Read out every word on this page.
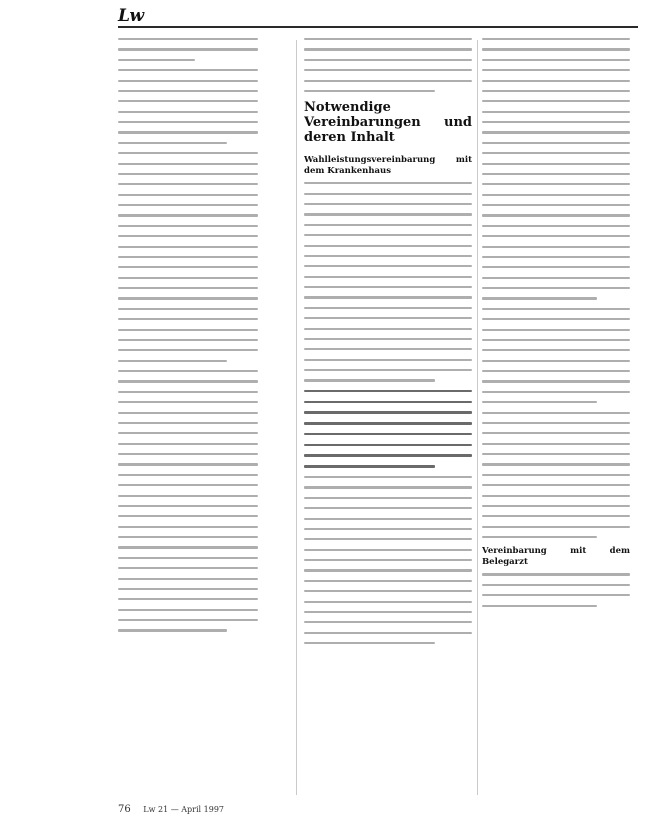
Lw
Notwendige Vereinbarungen und deren Inhalt
Wahlleistungsvereinbarung mit dem Krankenhaus
Vereinbarung mit dem Belegarzt
76 Lw 21 — April 1997
